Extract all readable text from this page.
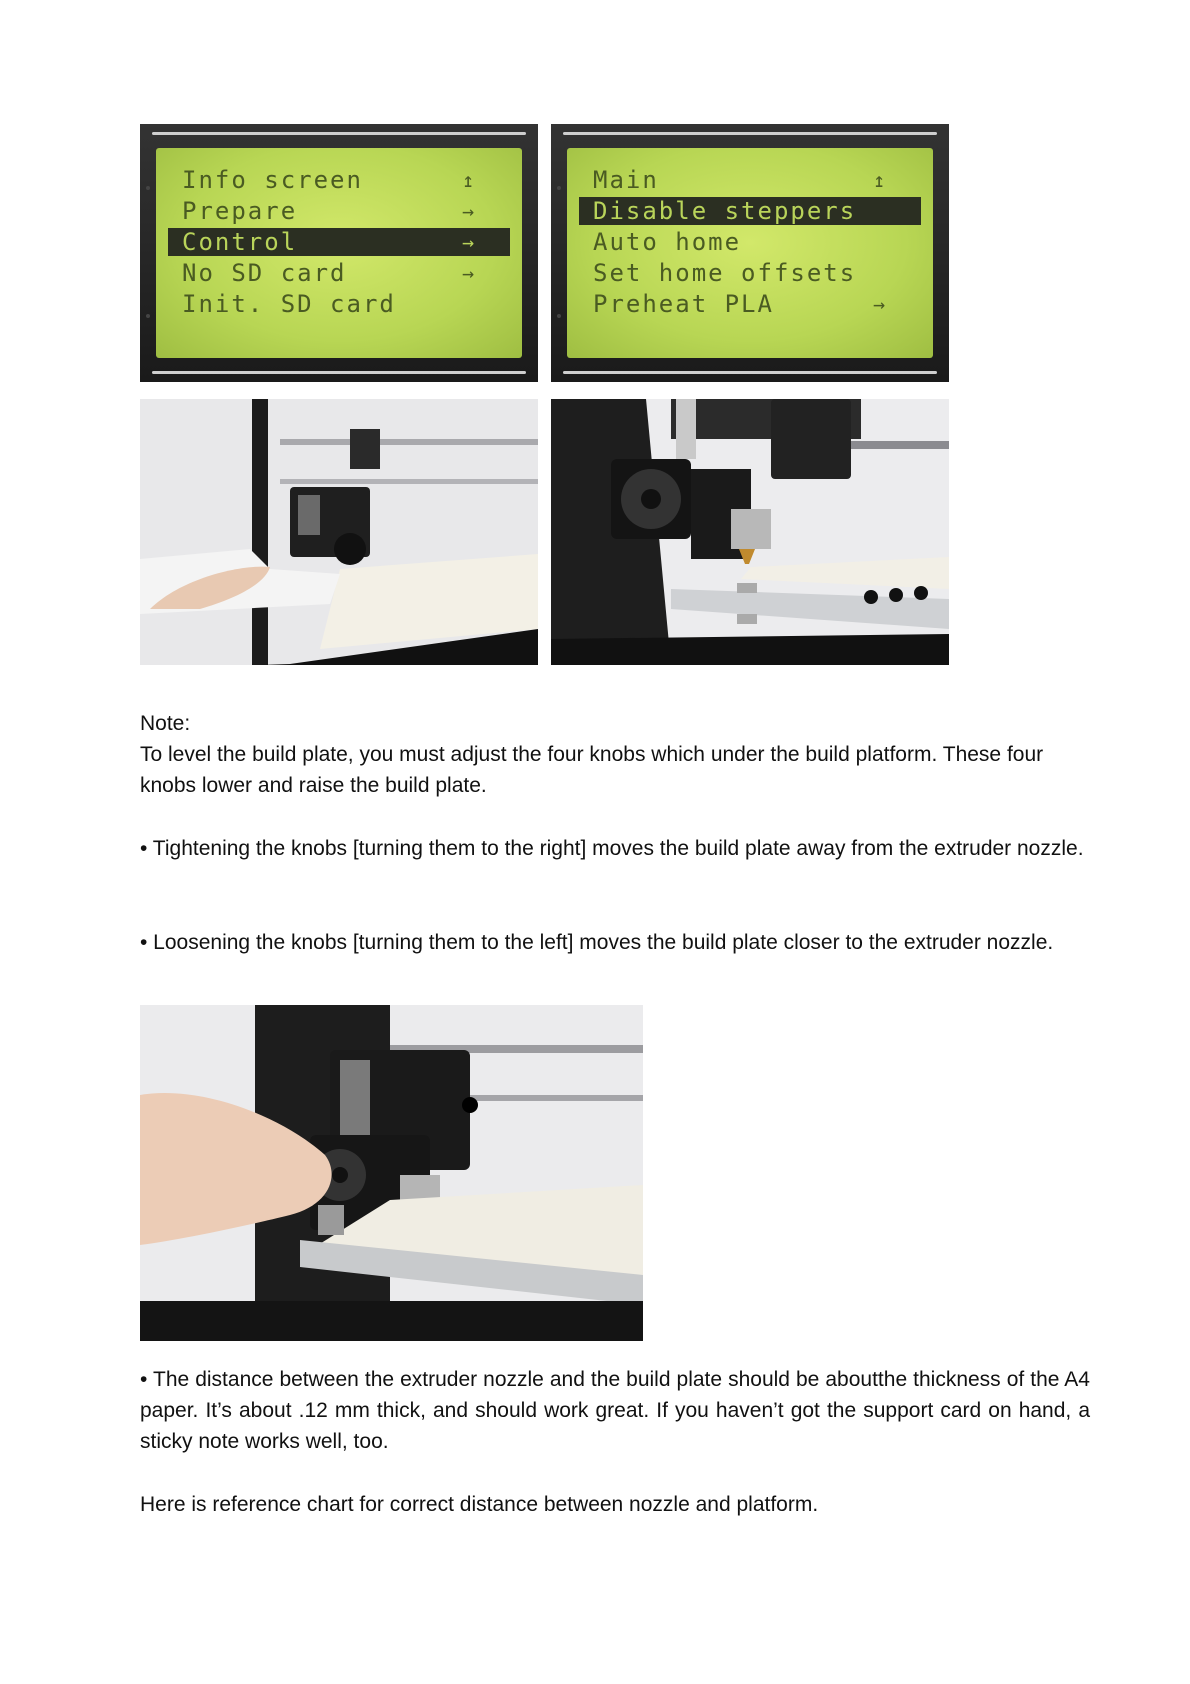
Info screen	↥
Prepare	→
Control	→
No SD card	→
Init. SD card
Main	↥
Disable steppers
Auto home
Set home offsets
Preheat PLA	→
Note:
To level the build plate, you must adjust the four knobs which under the build platform. These four knobs lower and raise the build plate.
• Tightening the knobs [turning them to the right] moves the build plate away from the extruder nozzle.
• Loosening the knobs [turning them to the left] moves the build plate closer to the extruder nozzle.
• The distance between the extruder nozzle and the build plate should be aboutthe thickness of the A4 paper. It’s about .12 mm thick, and should work great. If you haven’t got the support card on hand, a sticky note works well, too.
Here is reference chart for correct distance between nozzle and platform.
